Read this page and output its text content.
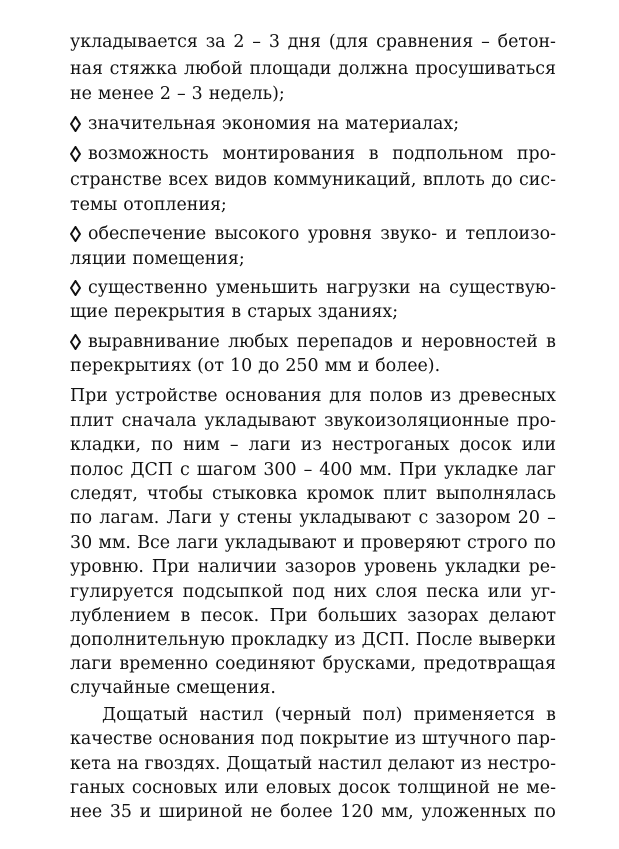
укладывается за 2 – 3 дня (для сравнения – бетон-
ная стяжка любой площади должна просушиваться
не менее 2 – 3 недель);
значительная экономия на материалах;
возможность монтирования в подпольном про-
странстве всех видов коммуникаций, вплоть до сис-
темы отопления;
обеспечение высокого уровня звуко- и теплоизо-
ляции помещения;
существенно уменьшить нагрузки на существую-
щие перекрытия в старых зданиях;
выравнивание любых перепадов и неровностей в
перекрытиях (от 10 до 250 мм и более).
При устройстве основания для полов из древесных
плит сначала укладывают звукоизоляционные про-
кладки, по ним – лаги из нестроганых досок или
полос ДСП с шагом 300 – 400 мм. При укладке лаг
следят, чтобы стыковка кромок плит выполнялась
по лагам. Лаги у стены укладывают с зазором 20 –
30 мм. Все лаги укладывают и проверяют строго по
уровню. При наличии зазоров уровень укладки ре-
гулируется подсыпкой под них слоя песка или уг-
лублением в песок. При больших зазорах делают
дополнительную прокладку из ДСП. После выверки
лаги временно соединяют брусками, предотвращая
случайные смещения.
Дощатый настил (черный пол) применяется в
качестве основания под покрытие из штучного пар-
кета на гвоздях. Дощатый настил делают из нестро-
ганых сосновых или еловых досок толщиной не ме-
нее 35 и шириной не более 120 мм, уложенных по
